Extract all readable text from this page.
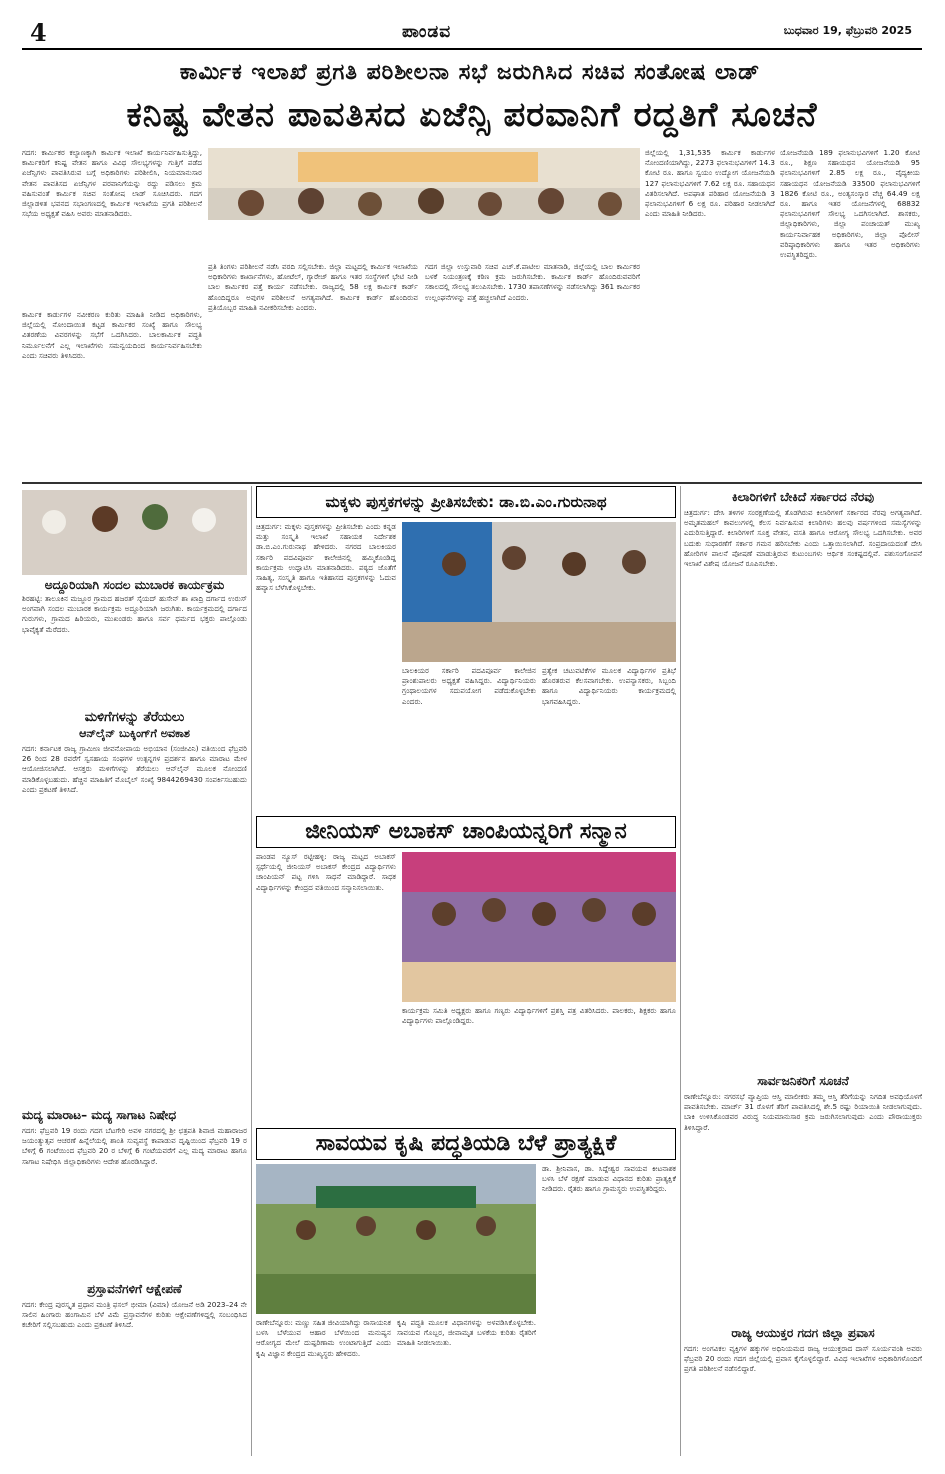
4	ಪಾಂಡವ	ಬುಧವಾರ 19, ಫೆಬ್ರುವರಿ 2025
ಕಾರ್ಮಿಕ ಇಲಾಖೆ ಪ್ರಗತಿ ಪರಿಶೀಲನಾ ಸಭೆ ಜರುಗಿಸಿದ ಸಚಿವ ಸಂತೋಷ ಲಾಡ್
ಕನಿಷ್ಟ ವೇತನ ಪಾವತಿಸದ ಏಜೆನ್ಸಿ ಪರವಾನಿಗೆ ರದ್ದತಿಗೆ ಸೂಚನೆ
ಗದಗ: ಕಾರ್ಮಿಕರ ಕಲ್ಯಾಣಕ್ಕಾಗಿ ಕಾರ್ಮಿಕ ಇಲಾಖೆ ಕಾರ್ಯನಿರ್ವಹಿಸುತ್ತಿದ್ದು, ಕಾರ್ಮಿಕರಿಗೆ ಕನಿಷ್ಟ ವೇತನ ಹಾಗೂ ವಿವಿಧ ಸೌಲಭ್ಯಗಳನ್ನು ಗುತ್ತಿಗೆ ಪಡೆದ ಏಜೆನ್ಸಿಗಳು ಪಾವತಿಸಿರುವ ಬಗ್ಗೆ ಅಧಿಕಾರಿಗಳು ಪರಿಶೀಲಿಸಿ, ನಿಯಮಾನುಸಾರ ವೇತನ ಪಾವತಿಸದ ಏಜೆನ್ಸಿಗಳ ಪರವಾನಿಗೆಯನ್ನು ರದ್ದು ಪಡಿಸಲು ಕ್ರಮ ವಹಿಸುವಂತೆ ಕಾರ್ಮಿಕ ಸಚಿವ ಸಂತೋಷ ಲಾಡ್ ಸೂಚಿಸಿದರು. ಗದಗ ಜಿಲ್ಲಾಡಳಿತ ಭವನದ ಸಭಾಂಗಣದಲ್ಲಿ ಕಾರ್ಮಿಕ ಇಲಾಖೆಯ ಪ್ರಗತಿ ಪರಿಶೀಲನೆ ಸಭೆಯ ಅಧ್ಯಕ್ಷತೆ ವಹಿಸಿ ಅವರು ಮಾತನಾಡಿದರು.
ಪ್ರತಿ ತಿಂಗಳು ಪರಿಶೀಲನೆ ನಡೆಸಿ ವರದಿ ಸಲ್ಲಿಸಬೇಕು. ಜಿಲ್ಲಾ ಮಟ್ಟದಲ್ಲಿ ಕಾರ್ಮಿಕ ಇಲಾಖೆಯ ಅಧಿಕಾರಿಗಳು ಕಾರ್ಖಾನೆಗಳು, ಹೋಟೆಲ್, ಗ್ಯಾರೇಜ್ ಹಾಗೂ ಇತರ ಸಂಸ್ಥೆಗಳಿಗೆ ಭೇಟಿ ನೀಡಿ ಬಾಲ ಕಾರ್ಮಿಕರ ಪತ್ತೆ ಕಾರ್ಯ ನಡೆಸಬೇಕು. ರಾಜ್ಯದಲ್ಲಿ 58 ಲಕ್ಷ ಕಾರ್ಮಿಕ ಕಾರ್ಡ್ ಹೊಂದಿದ್ದರೂ ಅವುಗಳ ಪರಿಶೀಲನೆ ಅಗತ್ಯವಾಗಿದೆ. ಕಾರ್ಮಿಕ ಕಾರ್ಡ್ ಹೊಂದಿರುವ ಪ್ರತಿಯೊಬ್ಬರ ಮಾಹಿತಿ ನವೀಕರಿಸಬೇಕು ಎಂದರು.
ಗದಗ ಜಿಲ್ಲಾ ಉಸ್ತುವಾರಿ ಸಚಿವ ಎಚ್.ಕೆ.ಪಾಟೀಲ ಮಾತನಾಡಿ, ಜಿಲ್ಲೆಯಲ್ಲಿ ಬಾಲ ಕಾರ್ಮಿಕರ ಬಳಕೆ ನಿಯಂತ್ರಣಕ್ಕೆ ಕಠಿಣ ಕ್ರಮ ಜರುಗಿಸಬೇಕು. ಕಾರ್ಮಿಕ ಕಾರ್ಡ್ ಹೊಂದಿರುವವರಿಗೆ ಸಕಾಲದಲ್ಲಿ ಸೌಲಭ್ಯ ತಲುಪಿಸಬೇಕು. 1730 ತಪಾಸಣೆಗಳನ್ನು ನಡೆಸಲಾಗಿದ್ದು 361 ಕಾರ್ಮಿಕರ ಉಲ್ಲಂಘನೆಗಳನ್ನು ಪತ್ತೆ ಹಚ್ಚಲಾಗಿದೆ ಎಂದರು.
ಕಾರ್ಮಿಕ ಕಾರ್ಡುಗಳ ನವೀಕರಣ ಕುರಿತು ಮಾಹಿತಿ ನೀಡಿದ ಅಧಿಕಾರಿಗಳು, ಜಿಲ್ಲೆಯಲ್ಲಿ ನೋಂದಾಯಿತ ಕಟ್ಟಡ ಕಾರ್ಮಿಕರ ಸಂಖ್ಯೆ ಹಾಗೂ ಸೌಲಭ್ಯ ವಿತರಣೆಯ ವಿವರಗಳನ್ನು ಸಭೆಗೆ ಒದಗಿಸಿದರು. ಬಾಲಕಾರ್ಮಿಕ ಪದ್ಧತಿ ನಿರ್ಮೂಲನೆಗೆ ಎಲ್ಲ ಇಲಾಖೆಗಳು ಸಮನ್ವಯದಿಂದ ಕಾರ್ಯನಿರ್ವಹಿಸಬೇಕು ಎಂದು ಸಚಿವರು ತಿಳಿಸಿದರು.
ಜಿಲ್ಲೆಯಲ್ಲಿ 1,31,535 ಕಾರ್ಮಿಕ ಕಾರ್ಡುಗಳ ನೋಂದಣಿಯಾಗಿದ್ದು, 2273 ಫಲಾನುಭವಿಗಳಿಗೆ 14.3 ಕೋಟಿ ರೂ. ಹಾಗೂ ಸ್ವಯಂ ಉದ್ಯೋಗ ಯೋಜನೆಯಡಿ 127 ಫಲಾನುಭವಿಗಳಿಗೆ 7.62 ಲಕ್ಷ ರೂ. ಸಹಾಯಧನ ವಿತರಿಸಲಾಗಿದೆ. ಅಪಘಾತ ಪರಿಹಾರ ಯೋಜನೆಯಡಿ 3 ಫಲಾನುಭವಿಗಳಿಗೆ 6 ಲಕ್ಷ ರೂ. ಪರಿಹಾರ ನೀಡಲಾಗಿದೆ ಎಂದು ಮಾಹಿತಿ ನೀಡಿದರು.
ಯೋಜನೆಯಡಿ 189 ಫಲಾನುಭವಿಗಳಿಗೆ 1.20 ಕೋಟಿ ರೂ., ಶಿಕ್ಷಣ ಸಹಾಯಧನ ಯೋಜನೆಯಡಿ 95 ಫಲಾನುಭವಿಗಳಿಗೆ 2.85 ಲಕ್ಷ ರೂ., ವೈದ್ಯಕೀಯ ಸಹಾಯಧನ ಯೋಜನೆಯಡಿ 33500 ಫಲಾನುಭವಿಗಳಿಗೆ 1826 ಕೋಟಿ ರೂ., ಅಂತ್ಯಸಂಸ್ಕಾರ ವೆಚ್ಚ 64.49 ಲಕ್ಷ ರೂ. ಹಾಗೂ ಇತರ ಯೋಜನೆಗಳಲ್ಲಿ 68832 ಫಲಾನುಭವಿಗಳಿಗೆ ಸೌಲಭ್ಯ ಒದಗಿಸಲಾಗಿದೆ. ಶಾಸಕರು, ಜಿಲ್ಲಾಧಿಕಾರಿಗಳು, ಜಿಲ್ಲಾ ಪಂಚಾಯತ್ ಮುಖ್ಯ ಕಾರ್ಯನಿರ್ವಾಹಕ ಅಧಿಕಾರಿಗಳು, ಜಿಲ್ಲಾ ಪೊಲೀಸ್ ವರಿಷ್ಠಾಧಿಕಾರಿಗಳು ಹಾಗೂ ಇತರ ಅಧಿಕಾರಿಗಳು ಉಪಸ್ಥಿತರಿದ್ದರು.
ಅದ್ದೂರಿಯಾಗಿ ಸಂದಲ ಮುಬಾರಕ ಕಾರ್ಯಕ್ರಮ
ಶಿರಹಟ್ಟಿ: ತಾಲೂಕಿನ ಮಜ್ಜೂರ ಗ್ರಾಮದ ಹಜರತ್ ಸೈಯದ್ ಹುಸೇನ್ ಶಾ ಖಾದ್ರಿ ದರ್ಗಾದ ಉರುಸ್ ಅಂಗವಾಗಿ ಸಂದಲ ಮುಬಾರಕ ಕಾರ್ಯಕ್ರಮ ಅದ್ದೂರಿಯಾಗಿ ಜರುಗಿತು. ಕಾರ್ಯಕ್ರಮದಲ್ಲಿ ದರ್ಗಾದ ಗುರುಗಳು, ಗ್ರಾಮದ ಹಿರಿಯರು, ಮುಖಂಡರು ಹಾಗೂ ಸರ್ವ ಧರ್ಮದ ಭಕ್ತರು ಪಾಲ್ಗೊಂಡು ಭಾವೈಕ್ಯತೆ ಮೆರೆದರು.
ಮಳಿಗೆಗಳನ್ನು ತೆರೆಯಲು
ಆನ್‌ಲೈನ್ ಬುಕ್ಕಿಂಗ್‌ಗೆ ಅವಕಾಶ
ಗದಗ: ಕರ್ನಾಟಕ ರಾಜ್ಯ ಗ್ರಾಮೀಣ ಜೀವನೋಪಾಯ ಅಭಿಯಾನ (ಸಂಜೀವಿನಿ) ವತಿಯಿಂದ ಫೆಬ್ರವರಿ 26 ರಿಂದ 28 ರವರೆಗೆ ಸ್ವಸಹಾಯ ಸಂಘಗಳ ಉತ್ಪನ್ನಗಳ ಪ್ರದರ್ಶನ ಹಾಗೂ ಮಾರಾಟ ಮೇಳ ಆಯೋಜಿಸಲಾಗಿದೆ. ಆಸಕ್ತರು ಮಳಿಗೆಗಳನ್ನು ತೆರೆಯಲು ಆನ್‌ಲೈನ್ ಮೂಲಕ ನೋಂದಣಿ ಮಾಡಿಕೊಳ್ಳಬಹುದು. ಹೆಚ್ಚಿನ ಮಾಹಿತಿಗೆ ಮೊಬೈಲ್ ಸಂಖ್ಯೆ 9844269430 ಸಂಪರ್ಕಿಸಬಹುದು ಎಂದು ಪ್ರಕಟಣೆ ತಿಳಿಸಿದೆ.
ಮದ್ಯ ಮಾರಾಟ– ಮದ್ಯ ಸಾಗಾಟ ನಿಷೇಧ
ಗದಗ: ಫೆಬ್ರವರಿ 19 ರಂದು ಗದಗ ಬೆಟಗೇರಿ ಅವಳಿ ನಗರದಲ್ಲಿ ಶ್ರೀ ಛತ್ರಪತಿ ಶಿವಾಜಿ ಮಹಾರಾಜರ ಜಯಂತ್ಯುತ್ಸವ ಆಚರಣೆ ಹಿನ್ನೆಲೆಯಲ್ಲಿ ಶಾಂತಿ ಸುವ್ಯವಸ್ಥೆ ಕಾಪಾಡುವ ದೃಷ್ಟಿಯಿಂದ ಫೆಬ್ರವರಿ 19 ರ ಬೆಳಿಗ್ಗೆ 6 ಗಂಟೆಯಿಂದ ಫೆಬ್ರವರಿ 20 ರ ಬೆಳಿಗ್ಗೆ 6 ಗಂಟೆಯವರೆಗೆ ಎಲ್ಲ ಮದ್ಯ ಮಾರಾಟ ಹಾಗೂ ಸಾಗಾಟ ನಿಷೇಧಿಸಿ ಜಿಲ್ಲಾಧಿಕಾರಿಗಳು ಆದೇಶ ಹೊರಡಿಸಿದ್ದಾರೆ.
ಪ್ರಸ್ತಾವನೆಗಳಿಗೆ ಆಕ್ಷೇಪಣೆ
ಗದಗ: ಕೇಂದ್ರ ಪುರಸ್ಕೃತ ಪ್ರಧಾನ ಮಂತ್ರಿ ಫಸಲ್ ಭೀಮಾ (ವಿಮಾ) ಯೋಜನೆ ಅಡಿ 2023–24 ನೇ ಸಾಲಿನ ಹಿಂಗಾರು ಹಂಗಾಮಿನ ಬೆಳೆ ವಿಮೆ ಪ್ರಸ್ತಾವನೆಗಳ ಕುರಿತು ಆಕ್ಷೇಪಣೆಗಳಿದ್ದಲ್ಲಿ ಸಂಬಂಧಿಸಿದ ಕಚೇರಿಗೆ ಸಲ್ಲಿಸಬಹುದು ಎಂದು ಪ್ರಕಟಣೆ ತಿಳಿಸಿದೆ.
ಮಕ್ಕಳು ಪುಸ್ತಕಗಳನ್ನು ಪ್ರೀತಿಸಬೇಕು: ಡಾ.ಬಿ.ಎಂ.ಗುರುನಾಥ
ಚಿತ್ರದುರ್ಗ: ಮಕ್ಕಳು ಪುಸ್ತಕಗಳನ್ನು ಪ್ರೀತಿಸಬೇಕು ಎಂದು ಕನ್ನಡ ಮತ್ತು ಸಂಸ್ಕೃತಿ ಇಲಾಖೆ ಸಹಾಯಕ ನಿರ್ದೇಶಕ ಡಾ.ಬಿ.ಎಂ.ಗುರುನಾಥ ಹೇಳಿದರು. ನಗರದ ಬಾಲಕಿಯರ ಸರ್ಕಾರಿ ಪದವಿಪೂರ್ವ ಕಾಲೇಜಿನಲ್ಲಿ ಹಮ್ಮಿಕೊಂಡಿದ್ದ ಕಾರ್ಯಕ್ರಮ ಉದ್ಘಾಟಿಸಿ ಮಾತನಾಡಿದರು. ಪಠ್ಯದ ಜೊತೆಗೆ ಸಾಹಿತ್ಯ, ಸಂಸ್ಕೃತಿ ಹಾಗೂ ಇತಿಹಾಸದ ಪುಸ್ತಕಗಳನ್ನು ಓದುವ ಹವ್ಯಾಸ ಬೆಳೆಸಿಕೊಳ್ಳಬೇಕು.
ಬಾಲಕಿಯರ ಸರ್ಕಾರಿ ಪದವಿಪೂರ್ವ ಕಾಲೇಜಿನ ಪ್ರಾಂಶುಪಾಲರು ಅಧ್ಯಕ್ಷತೆ ವಹಿಸಿದ್ದರು. ವಿದ್ಯಾರ್ಥಿನಿಯರು ಗ್ರಂಥಾಲಯಗಳ ಸದುಪಯೋಗ ಪಡೆದುಕೊಳ್ಳಬೇಕು ಎಂದರು.
ಪ್ರತ್ಯೇಕ ಚಟುವಟಿಕೆಗಳ ಮೂಲಕ ವಿದ್ಯಾರ್ಥಿಗಳ ಪ್ರತಿಭೆ ಹೊರತರುವ ಕೆಲಸವಾಗಬೇಕು. ಉಪನ್ಯಾಸಕರು, ಸಿಬ್ಬಂದಿ ಹಾಗೂ ವಿದ್ಯಾರ್ಥಿನಿಯರು ಕಾರ್ಯಕ್ರಮದಲ್ಲಿ ಭಾಗವಹಿಸಿದ್ದರು.
ಜೀನಿಯಸ್ ಅಬಾಕಸ್ ಚಾಂಪಿಯನ್ನರಿಗೆ ಸನ್ಮಾನ
ಪಾಂಡವ ನ್ಯೂಸ್ ರಟ್ಟೀಹಳ್ಳಿ: ರಾಜ್ಯ ಮಟ್ಟದ ಅಬಾಕಸ್ ಸ್ಪರ್ಧೆಯಲ್ಲಿ ಜೀನಿಯಸ್ ಅಬಾಕಸ್ ಕೇಂದ್ರದ ವಿದ್ಯಾರ್ಥಿಗಳು ಚಾಂಪಿಯನ್ ಪಟ್ಟ ಗಳಿಸಿ ಸಾಧನೆ ಮಾಡಿದ್ದಾರೆ. ಸಾಧಕ ವಿದ್ಯಾರ್ಥಿಗಳನ್ನು ಕೇಂದ್ರದ ವತಿಯಿಂದ ಸನ್ಮಾನಿಸಲಾಯಿತು.
ಕಾರ್ಯಕ್ರಮ ಸಮಿತಿ ಅಧ್ಯಕ್ಷರು ಹಾಗೂ ಗಣ್ಯರು ವಿದ್ಯಾರ್ಥಿಗಳಿಗೆ ಪ್ರಶಸ್ತಿ ಪತ್ರ ವಿತರಿಸಿದರು. ಪಾಲಕರು, ಶಿಕ್ಷಕರು ಹಾಗೂ ವಿದ್ಯಾರ್ಥಿಗಳು ಪಾಲ್ಗೊಂಡಿದ್ದರು.
ಸಾವಯವ ಕೃಷಿ ಪದ್ಧತಿಯಡಿ ಬೆಳೆ ಪ್ರಾತ್ಯಕ್ಷಿಕೆ
ರಾಣೇಬೆನ್ನೂರು: ಮಣ್ಣು ಸಹಿತ ಜೀವಿಯಾಗಿದ್ದು ರಾಸಾಯನಿಕ ಬಳಸಿ ಬೆಳೆಯುವ ಆಹಾರ ಬೆಳೆಯಿಂದ ಮನುಷ್ಯನ ಆರೋಗ್ಯದ ಮೇಲೆ ದುಷ್ಪರಿಣಾಮ ಉಂಟಾಗುತ್ತಿದೆ ಎಂದು ಕೃಷಿ ವಿಜ್ಞಾನ ಕೇಂದ್ರದ ಮುಖ್ಯಸ್ಥರು ಹೇಳಿದರು.
ಕೃಷಿ ಪದ್ಧತಿ ಮೂಲಕ ವಿಧಾನಗಳನ್ನು ಅಳವಡಿಸಿಕೊಳ್ಳಬೇಕು. ಸಾವಯವ ಗೊಬ್ಬರ, ಜೀವಾಮೃತ ಬಳಕೆಯ ಕುರಿತು ರೈತರಿಗೆ ಮಾಹಿತಿ ನೀಡಲಾಯಿತು.
ಡಾ. ಶ್ರೀನಿವಾಸ, ಡಾ. ಸಿದ್ದೇಶ್ವರ ಸಾವಯವ ಕೀಟನಾಶಕ ಬಳಸಿ ಬೆಳೆ ರಕ್ಷಣೆ ಮಾಡುವ ವಿಧಾನದ ಕುರಿತು ಪ್ರಾತ್ಯಕ್ಷಿಕೆ ನೀಡಿದರು. ರೈತರು ಹಾಗೂ ಗ್ರಾಮಸ್ಥರು ಉಪಸ್ಥಿತರಿದ್ದರು.
ಕಿಲಾರಿಗಳಿಗೆ ಬೇಕಿದೆ ಸರ್ಕಾರದ ನೆರವು
ಚಿತ್ರದುರ್ಗ: ದೇಸಿ ತಳಿಗಳ ಸಂರಕ್ಷಣೆಯಲ್ಲಿ ತೊಡಗಿರುವ ಕಿಲಾರಿಗಳಿಗೆ ಸರ್ಕಾರದ ನೆರವು ಅಗತ್ಯವಾಗಿದೆ. ಅಮೃತಮಹಲ್ ಕಾವಲುಗಳಲ್ಲಿ ಕೆಲಸ ನಿರ್ವಹಿಸುವ ಕಿಲಾರಿಗಳು ಹಲವು ವರ್ಷಗಳಿಂದ ಸಮಸ್ಯೆಗಳನ್ನು ಎದುರಿಸುತ್ತಿದ್ದಾರೆ. ಕಿಲಾರಿಗಳಿಗೆ ಸೂಕ್ತ ವೇತನ, ವಸತಿ ಹಾಗೂ ಆರೋಗ್ಯ ಸೌಲಭ್ಯ ಒದಗಿಸಬೇಕು. ಅವರ ಬದುಕು ಸುಧಾರಣೆಗೆ ಸರ್ಕಾರ ಗಮನ ಹರಿಸಬೇಕು ಎಂದು ಒತ್ತಾಯಿಸಲಾಗಿದೆ. ಸಂಪ್ರದಾಯದಂತೆ ದೇಸಿ ಹೋರಿಗಳ ಪಾಲನೆ ಪೋಷಣೆ ಮಾಡುತ್ತಿರುವ ಕುಟುಂಬಗಳು ಆರ್ಥಿಕ ಸಂಕಷ್ಟದಲ್ಲಿವೆ. ಪಶುಸಂಗೋಪನೆ ಇಲಾಖೆ ವಿಶೇಷ ಯೋಜನೆ ರೂಪಿಸಬೇಕು.
ಸಾರ್ವಜನಿಕರಿಗೆ ಸೂಚನೆ
ರಾಣೇಬೆನ್ನೂರು: ನಗರಸಭೆ ವ್ಯಾಪ್ತಿಯ ಆಸ್ತಿ ಮಾಲೀಕರು ತಮ್ಮ ಆಸ್ತಿ ತೆರಿಗೆಯನ್ನು ನಿಗದಿತ ಅವಧಿಯೊಳಗೆ ಪಾವತಿಸಬೇಕು. ಮಾರ್ಚ್ 31 ರೊಳಗೆ ತೆರಿಗೆ ಪಾವತಿಸಿದಲ್ಲಿ ಶೇ.5 ರಷ್ಟು ರಿಯಾಯಿತಿ ನೀಡಲಾಗುವುದು. ಬಾಕಿ ಉಳಿಸಿಕೊಂಡವರ ವಿರುದ್ಧ ನಿಯಮಾನುಸಾರ ಕ್ರಮ ಜರುಗಿಸಲಾಗುವುದು ಎಂದು ಪೌರಾಯುಕ್ತರು ತಿಳಿಸಿದ್ದಾರೆ.
ರಾಜ್ಯ ಆಯುಕ್ತರ ಗದಗ ಜಿಲ್ಲಾ ಪ್ರವಾಸ
ಗದಗ: ಅಂಗವಿಕಲ ವ್ಯಕ್ತಿಗಳ ಹಕ್ಕುಗಳ ಅಧಿನಿಯಮದ ರಾಜ್ಯ ಆಯುಕ್ತರಾದ ದಾಸ್ ಸೂರ್ಯವಂಶಿ ಅವರು ಫೆಬ್ರವರಿ 20 ರಂದು ಗದಗ ಜಿಲ್ಲೆಯಲ್ಲಿ ಪ್ರವಾಸ ಕೈಗೊಳ್ಳಲಿದ್ದಾರೆ. ವಿವಿಧ ಇಲಾಖೆಗಳ ಅಧಿಕಾರಿಗಳೊಂದಿಗೆ ಪ್ರಗತಿ ಪರಿಶೀಲನೆ ನಡೆಸಲಿದ್ದಾರೆ.
